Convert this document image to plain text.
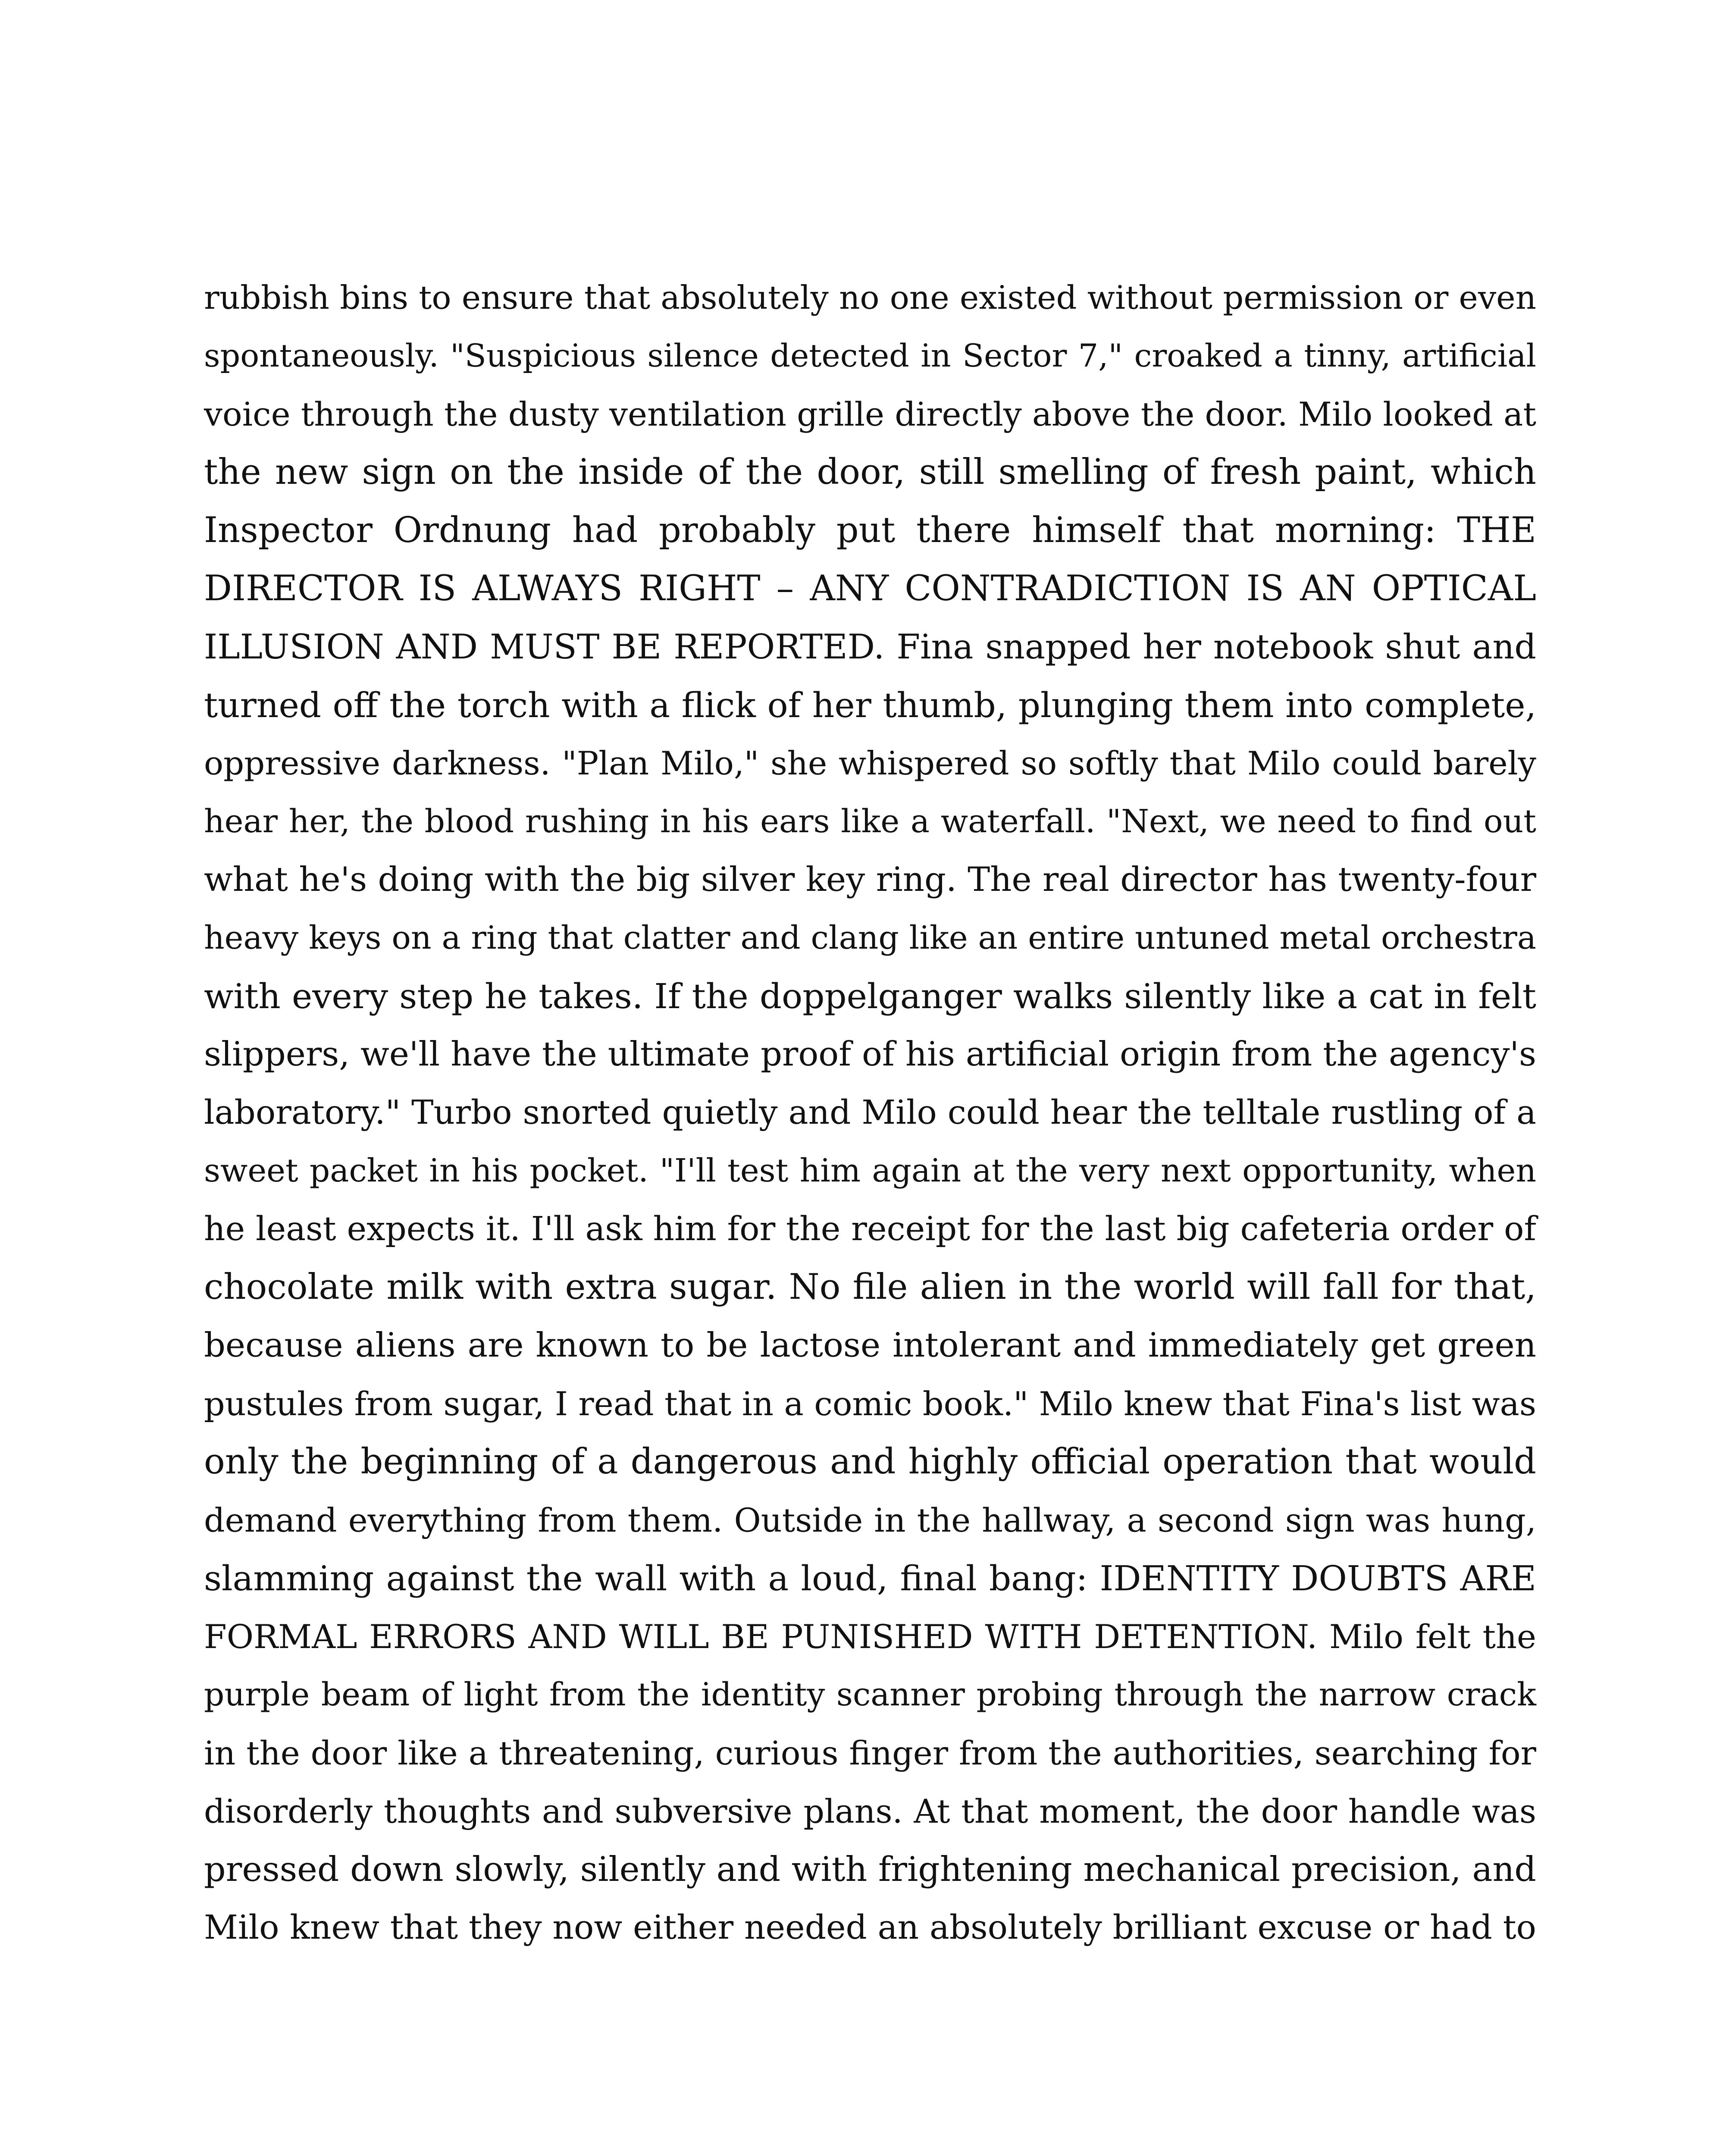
rubbish bins to ensure that absolutely no one existed without permission or even
spontaneously. "Suspicious silence detected in Sector 7," croaked a tinny, artificial
voice through the dusty ventilation grille directly above the door. Milo looked at
the new sign on the inside of the door, still smelling of fresh paint, which
Inspector Ordnung had probably put there himself that morning: THE
DIRECTOR IS ALWAYS RIGHT – ANY CONTRADICTION IS AN OPTICAL
ILLUSION AND MUST BE REPORTED. Fina snapped her notebook shut and
turned off the torch with a flick of her thumb, plunging them into complete,
oppressive darkness. "Plan Milo," she whispered so softly that Milo could barely
hear her, the blood rushing in his ears like a waterfall. "Next, we need to find out
what he's doing with the big silver key ring. The real director has twenty-four
heavy keys on a ring that clatter and clang like an entire untuned metal orchestra
with every step he takes. If the doppelganger walks silently like a cat in felt
slippers, we'll have the ultimate proof of his artificial origin from the agency's
laboratory." Turbo snorted quietly and Milo could hear the telltale rustling of a
sweet packet in his pocket. "I'll test him again at the very next opportunity, when
he least expects it. I'll ask him for the receipt for the last big cafeteria order of
chocolate milk with extra sugar. No file alien in the world will fall for that,
because aliens are known to be lactose intolerant and immediately get green
pustules from sugar, I read that in a comic book." Milo knew that Fina's list was
only the beginning of a dangerous and highly official operation that would
demand everything from them. Outside in the hallway, a second sign was hung,
slamming against the wall with a loud, final bang: IDENTITY DOUBTS ARE
FORMAL ERRORS AND WILL BE PUNISHED WITH DETENTION. Milo felt the
purple beam of light from the identity scanner probing through the narrow crack
in the door like a threatening, curious finger from the authorities, searching for
disorderly thoughts and subversive plans. At that moment, the door handle was
pressed down slowly, silently and with frightening mechanical precision, and
Milo knew that they now either needed an absolutely brilliant excuse or had to
